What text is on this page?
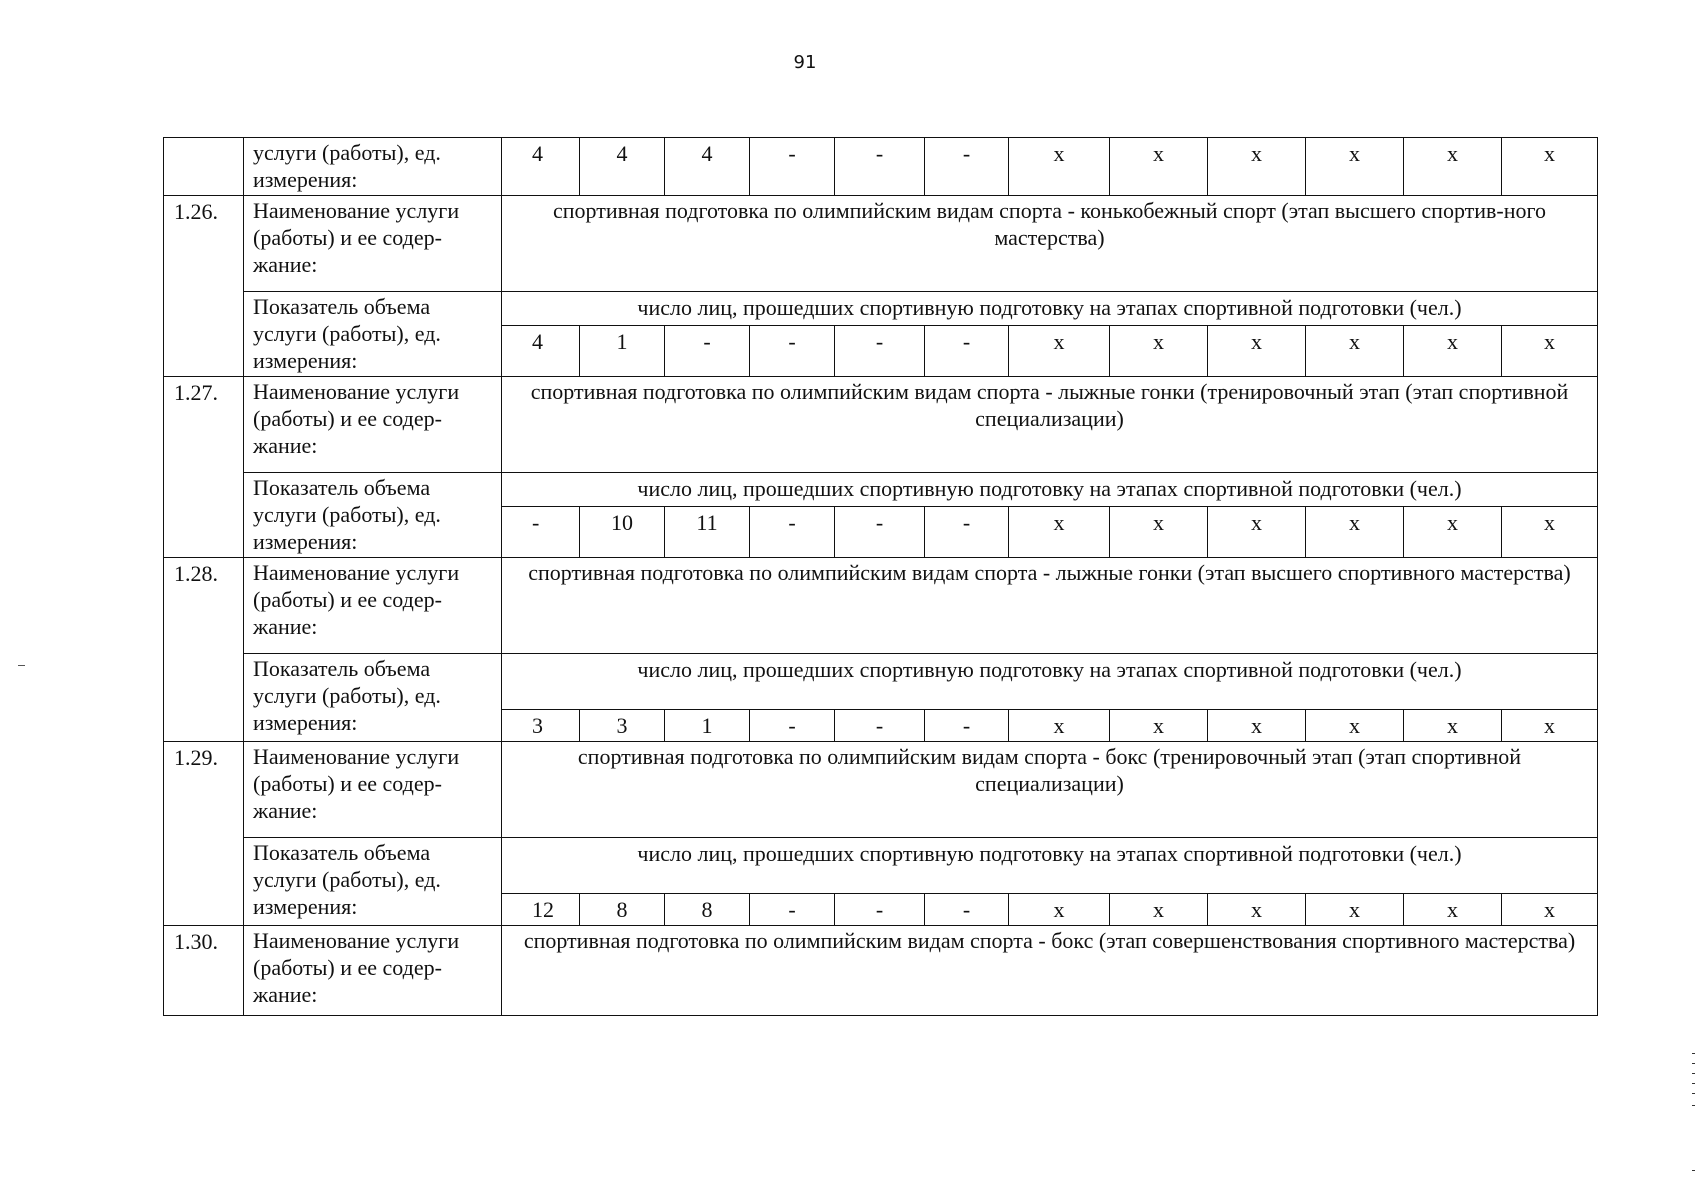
91
	услуги (работы), ед. измерения:	4	4	4	-	-	-	х	х	х	х	х	х
1.26.	Наименование услуги (работы) и ее содер-жание:	спортивная подготовка по олимпийским видам спорта - конькобежный спорт (этап высшего спортив-ного мастерства)											
	Показатель объема услуги (работы), ед. измерения:	число лиц, прошедших спортивную подготовку на этапах спортивной подготовки (чел.)											
		4	1	-	-	-	-	х	х	х	х	х	х
1.27.	Наименование услуги (работы) и ее содер-жание:	спортивная подготовка по олимпийским видам спорта - лыжные гонки (тренировочный этап (этап спортивной специализации)											
	Показатель объема услуги (работы), ед. измерения:	число лиц, прошедших спортивную подготовку на этапах спортивной подготовки (чел.)											
		-	10	11	-	-	-	х	х	х	х	х	х
1.28.	Наименование услуги (работы) и ее содер-жание:	спортивная подготовка по олимпийским видам спорта - лыжные гонки (этап высшего спортивного мастерства)											
	Показатель объема услуги (работы), ед. измерения:	число лиц, прошедших спортивную подготовку на этапах спортивной подготовки (чел.)											
		3	3	1	-	-	-	х	х	х	х	х	х
1.29.	Наименование услуги (работы) и ее содер-жание:	спортивная подготовка по олимпийским видам спорта - бокс (тренировочный этап (этап спортивной специализации)											
	Показатель объема услуги (работы), ед. измерения:	число лиц, прошедших спортивную подготовку на этапах спортивной подготовки (чел.)											
		12	8	8	-	-	-	х	х	х	х	х	х
1.30.	Наименование услуги (работы) и ее содер-жание:	спортивная подготовка по олимпийским видам спорта - бокс (этап совершенствования спортивного мастерства)											
